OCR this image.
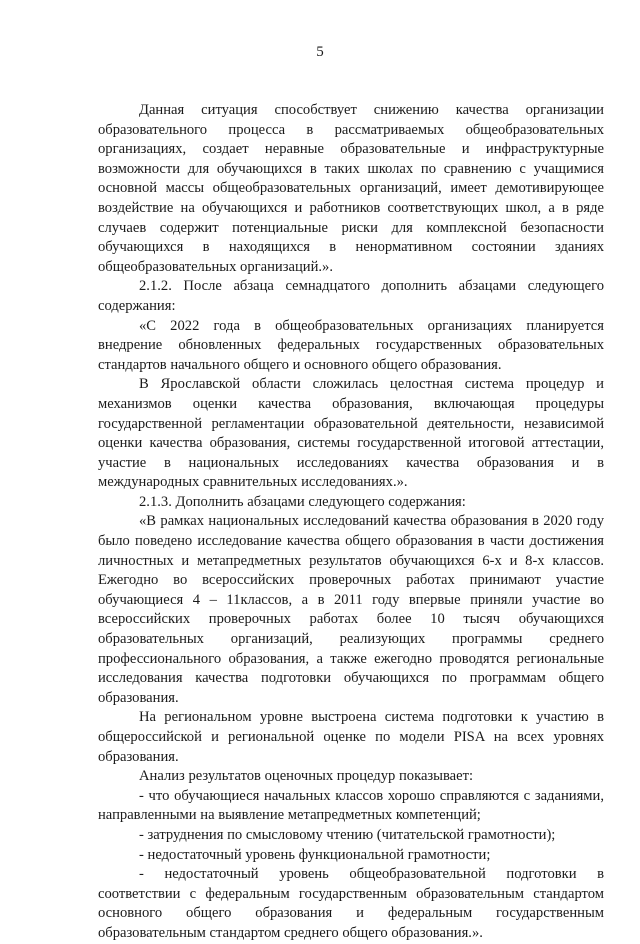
5

Данная ситуация способствует снижению качества организации образовательного процесса в рассматриваемых общеобразовательных организациях, создает неравные образовательные и инфраструктурные возможности для обучающихся в таких школах по сравнению с учащимися основной массы общеобразовательных организаций, имеет демотивирующее воздействие на обучающихся и работников соответствующих школ, а в ряде случаев содержит потенциальные риски для комплексной безопасности обучающихся в находящихся в ненормативном состоянии зданиях общеобразовательных организаций.».

2.1.2. После абзаца семнадцатого дополнить абзацами следующего содержания:

«С 2022 года в общеобразовательных организациях планируется внедрение обновленных федеральных государственных образовательных стандартов начального общего и основного общего образования.

В Ярославской области сложилась целостная система процедур и механизмов оценки качества образования, включающая процедуры государственной регламентации образовательной деятельности, независимой оценки качества образования, системы государственной итоговой аттестации, участие в национальных исследованиях качества образования и в международных сравнительных исследованиях.».

2.1.3. Дополнить абзацами следующего содержания:

«В рамках национальных исследований качества образования в 2020 году было поведено исследование качества общего образования в части достижения личностных и метапредметных результатов обучающихся 6-х и 8-х классов. Ежегодно во всероссийских проверочных работах принимают участие обучающиеся 4 – 11классов, а в 2011 году впервые приняли участие во всероссийских проверочных работах более 10 тысяч обучающихся образовательных организаций, реализующих программы среднего профессионального образования, а также ежегодно проводятся региональные исследования качества подготовки обучающихся по программам общего образования.

На региональном уровне выстроена система подготовки к участию в общероссийской и региональной оценке по модели PISA на всех уровнях образования.

Анализ результатов оценочных процедур показывает:

- что обучающиеся начальных классов хорошо справляются с заданиями, направленными на выявление метапредметных компетенций;

- затруднения по смысловому чтению (читательской грамотности);

- недостаточный уровень функциональной грамотности;

- недостаточный уровень общеобразовательной подготовки в соответствии с федеральным государственным образовательным стандартом основного общего образования и федеральным государственным образовательным стандартом среднего общего образования.».
